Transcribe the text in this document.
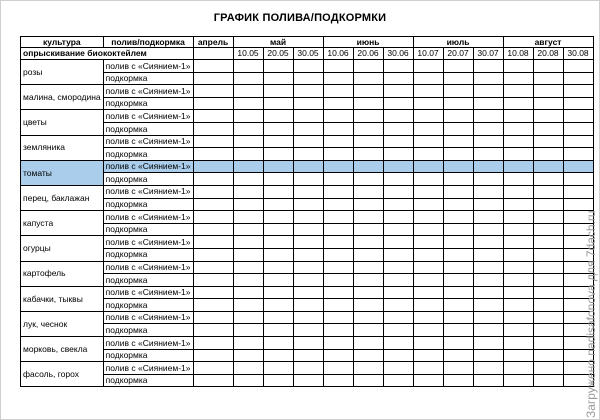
ГРАФИК ПОЛИВА/ПОДКОРМКИ
культура	полив/подкормка	апрель	май			июнь			июль			август		
опрыскивание биококтейлем			10.05	20.05	30.05	10.06	20.06	30.06	10.07	20.07	30.07	10.08	20.08	30.08
розы	полив с «Сиянием-1»													
	подкормка													
малина, смородина	полив с «Сиянием-1»													
	подкормка													
цветы	полив с «Сиянием-1»													
	подкормка													
земляника	полив с «Сиянием-1»													
	подкормка													
томаты	полив с «Сиянием-1»													
	подкормка													
перец, баклажан	полив с «Сиянием-1»													
	подкормка													
капуста	полив с «Сиянием-1»													
	подкормка													
огурцы	полив с «Сиянием-1»													
	подкормка													
картофель	полив с «Сиянием-1»													
	подкормка													
кабачки, тыквы	полив с «Сиянием-1»													
	подкормка													
лук, чеснок	полив с «Сиянием-1»													
	подкормка													
морковь, свекла	полив с «Сиянием-1»													
	подкормка													
фасоль, горох	полив с «Сиянием-1»													
	подкормка														Загружено nadisafonova для 7dach.ru
